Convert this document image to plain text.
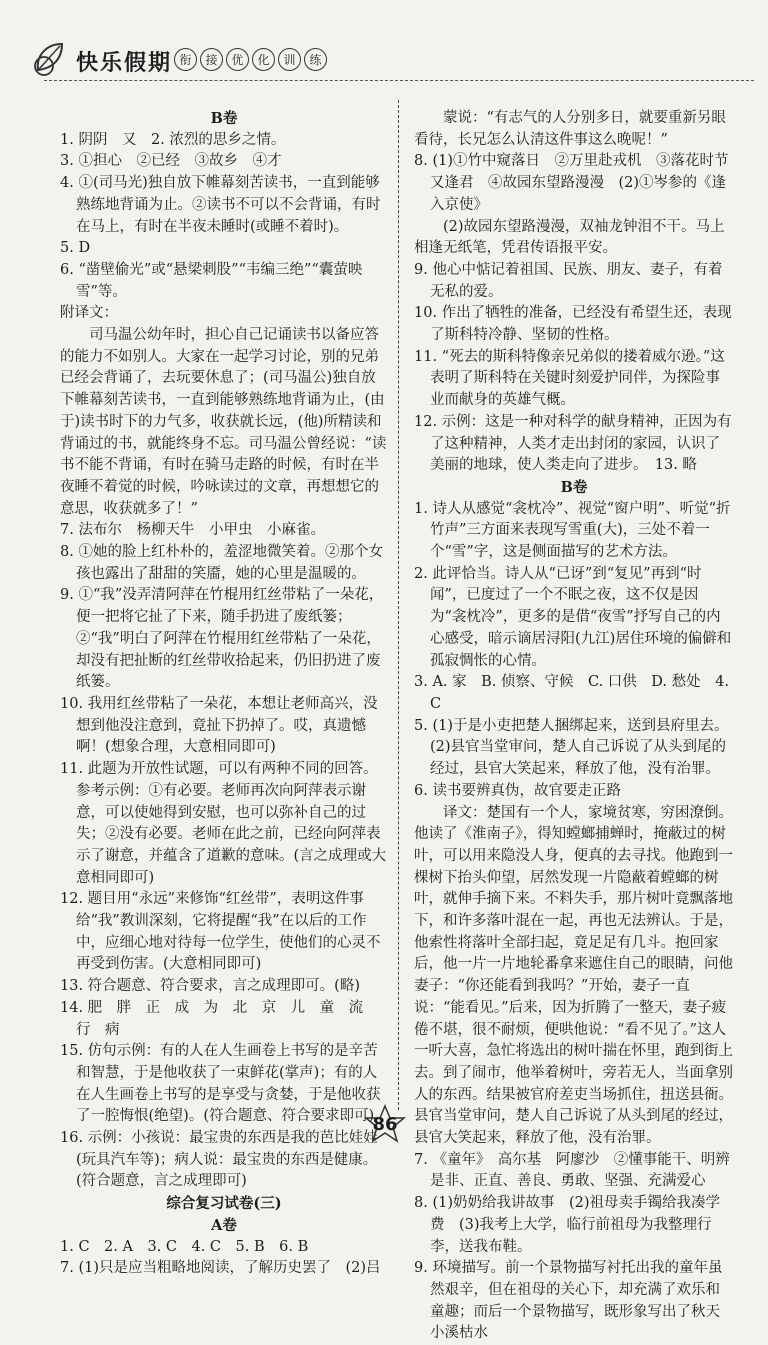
快乐假期 衔	接	优	化	训	练

B卷

1. 阴阴　又　2. 浓烈的思乡之情。

3. ①担心　②已经　③故乡　④才

4. ①(司马光)独自放下帷幕刻苦读书，一直到能够熟练地背诵为止。②读书不可以不会背诵，有时在马上，有时在半夜未睡时(或睡不着时)。

5. D

6. “凿壁偷光”或“悬梁刺股”“韦编三绝”“囊萤映雪”等。

附译文：

司马温公幼年时，担心自己记诵读书以备应答的能力不如别人。大家在一起学习讨论，别的兄弟已经会背诵了，去玩要休息了；(司马温公)独自放下帷幕刻苦读书，一直到能够熟练地背诵为止，(由于)读书时下的力气多，收获就长远，(他)所精读和背诵过的书，就能终身不忘。司马温公曾经说：“读书不能不背诵，有时在骑马走路的时候，有时在半夜睡不着觉的时候，吟咏读过的文章，再想想它的意思，收获就多了！”

7. 法布尔　杨柳天牛　小甲虫　小麻雀。

8. ①她的脸上红朴朴的，羞涩地微笑着。②那个女孩也露出了甜甜的笑靥，她的心里是温暖的。

9. ①“我”没弄清阿萍在竹棍用红丝带粘了一朵花，便一把将它扯了下来，随手扔进了废纸篓；②“我”明白了阿萍在竹棍用红丝带粘了一朵花，却没有把扯断的红丝带收拾起来，仍旧扔进了废纸篓。

10. 我用红丝带粘了一朵花，本想让老师高兴，没想到他没注意到，竟扯下扔掉了。哎，真遗憾啊！(想象合理，大意相同即可)

11. 此题为开放性试题，可以有两种不同的回答。参考示例：①有必要。老师再次向阿萍表示谢意，可以使她得到安慰，也可以弥补自己的过失；②没有必要。老师在此之前，已经向阿萍表示了谢意，并蕴含了道歉的意味。(言之成理或大意相同即可)

12. 题目用“永远”来修饰“红丝带”，表明这件事给“我”教训深刻，它将提醒“我”在以后的工作中，应细心地对待每一位学生，使他们的心灵不再受到伤害。(大意相同即可)

13. 符合题意、符合要求，言之成理即可。(略)

14. 肥　胖　正　成　为　北　京　儿　童　流　行　病

15. 仿句示例：有的人在人生画卷上书写的是辛苦和智慧，于是他收获了一束鲜花(掌声)；有的人在人生画卷上书写的是享受与贪婪，于是他收获了一腔悔恨(绝望)。(符合题意、符合要求即可)

16. 示例：小孩说：最宝贵的东西是我的芭比娃娃(玩具汽车等)；病人说：最宝贵的东西是健康。(符合题意，言之成理即可)

综合复习试卷(三)

A卷

1. C　2. A　3. C　4. C　5. B　6. B

7. (1)只是应当粗略地阅读，了解历史罢了　(2)吕

蒙说：“有志气的人分别多日，就要重新另眼看待，长兄怎么认清这件事这么晚呢！”

8. (1)①竹中窥落日　②万里赴戎机　③落花时节又逢君　④故园东望路漫漫　(2)①岑参的《逢入京使》

(2)故园东望路漫漫，双袖龙钟泪不干。马上相逢无纸笔，凭君传语报平安。

9. 他心中惦记着祖国、民族、朋友、妻子，有着无私的爱。

10. 作出了牺牲的准备，已经没有希望生还，表现了斯科特冷静、坚韧的性格。

11. “死去的斯科特像亲兄弟似的搂着威尔逊。”这表明了斯科特在关键时刻爱护同伴，为探险事业而献身的英雄气概。

12. 示例：这是一种对科学的献身精神，正因为有了这种精神，人类才走出封闭的家园，认识了美丽的地球，使人类走向了进步。　13. 略

B卷

1. 诗人从感觉“衾枕冷”、视觉“窗户明”、听觉“折竹声”三方面来表现写雪重(大)，三处不着一个“雪”字，这是侧面描写的艺术方法。

2. 此评恰当。诗人从“已讶”到“复见”再到“时闻”，已度过了一个不眠之夜，这不仅是因为“衾枕冷”，更多的是借“夜雪”抒写自己的内心感受，暗示谪居浔阳(九江)居住环境的偏僻和孤寂惆怅的心情。

3. A. 家　B. 侦察、守候　C. 口供　D. 愁处　4. C

5. (1)于是小吏把楚人捆绑起来，送到县府里去。(2)县官当堂审问，楚人自己诉说了从头到尾的经过，县官大笑起来，释放了他，没有治罪。

6. 读书要辨真伪，故官要走正路

译文：楚国有一个人，家境贫寒，穷困潦倒。他读了《淮南子》，得知螳螂捕蝉时，掩蔽过的树叶，可以用来隐没人身，便真的去寻找。他跑到一棵树下抬头仰望，居然发现一片隐蔽着螳螂的树叶，就伸手摘下来。不料失手，那片树叶竟飘落地下，和许多落叶混在一起，再也无法辨认。于是，他索性将落叶全部扫起，竟足足有几斗。抱回家后，他一片一片地轮番拿来遮住自己的眼睛，问他妻子：“你还能看到我吗？”开始，妻子一直说：“能看见。”后来，因为折腾了一整天，妻子疲倦不堪，很不耐烦，便哄他说：“看不见了。”这人一听大喜，急忙将选出的树叶揣在怀里，跑到街上去。到了闹市，他举着树叶，旁若无人，当面拿别人的东西。结果被官府差吏当场抓住，扭送县衙。县官当堂审问，楚人自己诉说了从头到尾的经过，县官大笑起来，释放了他，没有治罪。

7. 《童年》　高尔基　阿廖沙　②懂事能干、明辨是非、正直、善良、勇敢、坚强、充满爱心

8. (1)奶奶给我讲故事　(2)祖母卖手镯给我凑学费　(3)我考上大学，临行前祖母为我整理行李，送我布鞋。

9. 环境描写。前一个景物描写衬托出我的童年虽然艰辛，但在祖母的关心下，却充满了欢乐和童趣；而后一个景物描写，既形象写出了秋天小溪枯水

86
